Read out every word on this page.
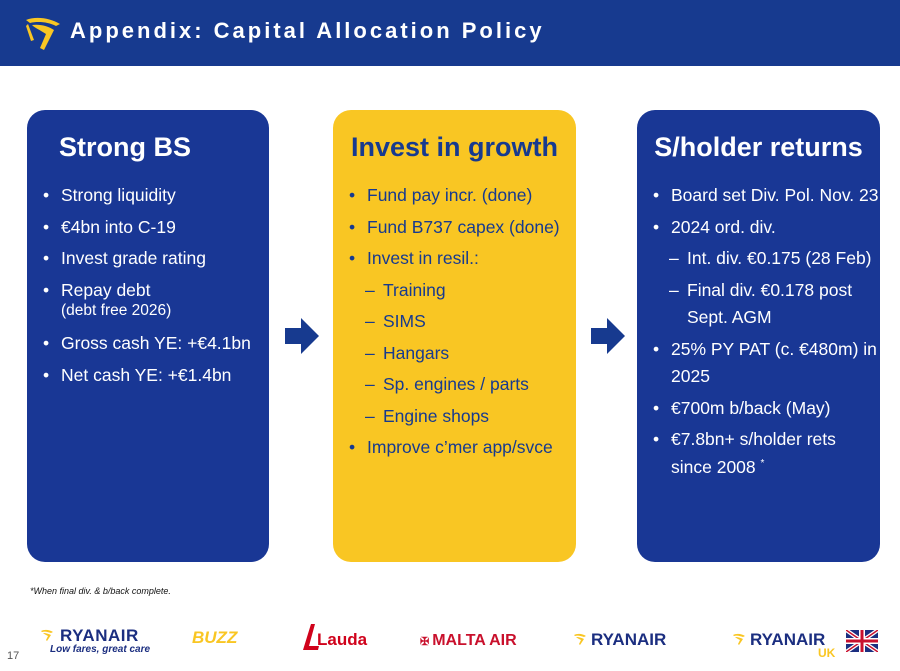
Appendix: Capital Allocation Policy
Strong BS
• Strong liquidity
• €4bn into C-19
• Invest grade rating
• Repay debt
(debt free 2026)
• Gross cash YE: +€4.1bn
• Net cash YE: +€1.4bn
Invest in growth
• Fund pay incr. (done)
• Fund B737 capex (done)
• Invest in resil.:
– Training
– SIMS
– Hangars
– Sp. engines / parts
– Engine shops
• Improve c’mer app/svce
S/holder returns
• Board set Div. Pol. Nov. 23
• 2024 ord. div.
– Int. div. €0.175 (28 Feb)
– Final div. €0.178 post
Sept. AGM
• 25% PY PAT (c. €480m) in
2025
• €700m b/back (May)
• €7.8bn+ s/holder rets
since 2008 *
*When final div. & b/back complete.
17
RYANAIR
Low fares, great care
BUZZ	Lauda	✠ MALTA AIR	RYANAIR	RYANAIR
UK
